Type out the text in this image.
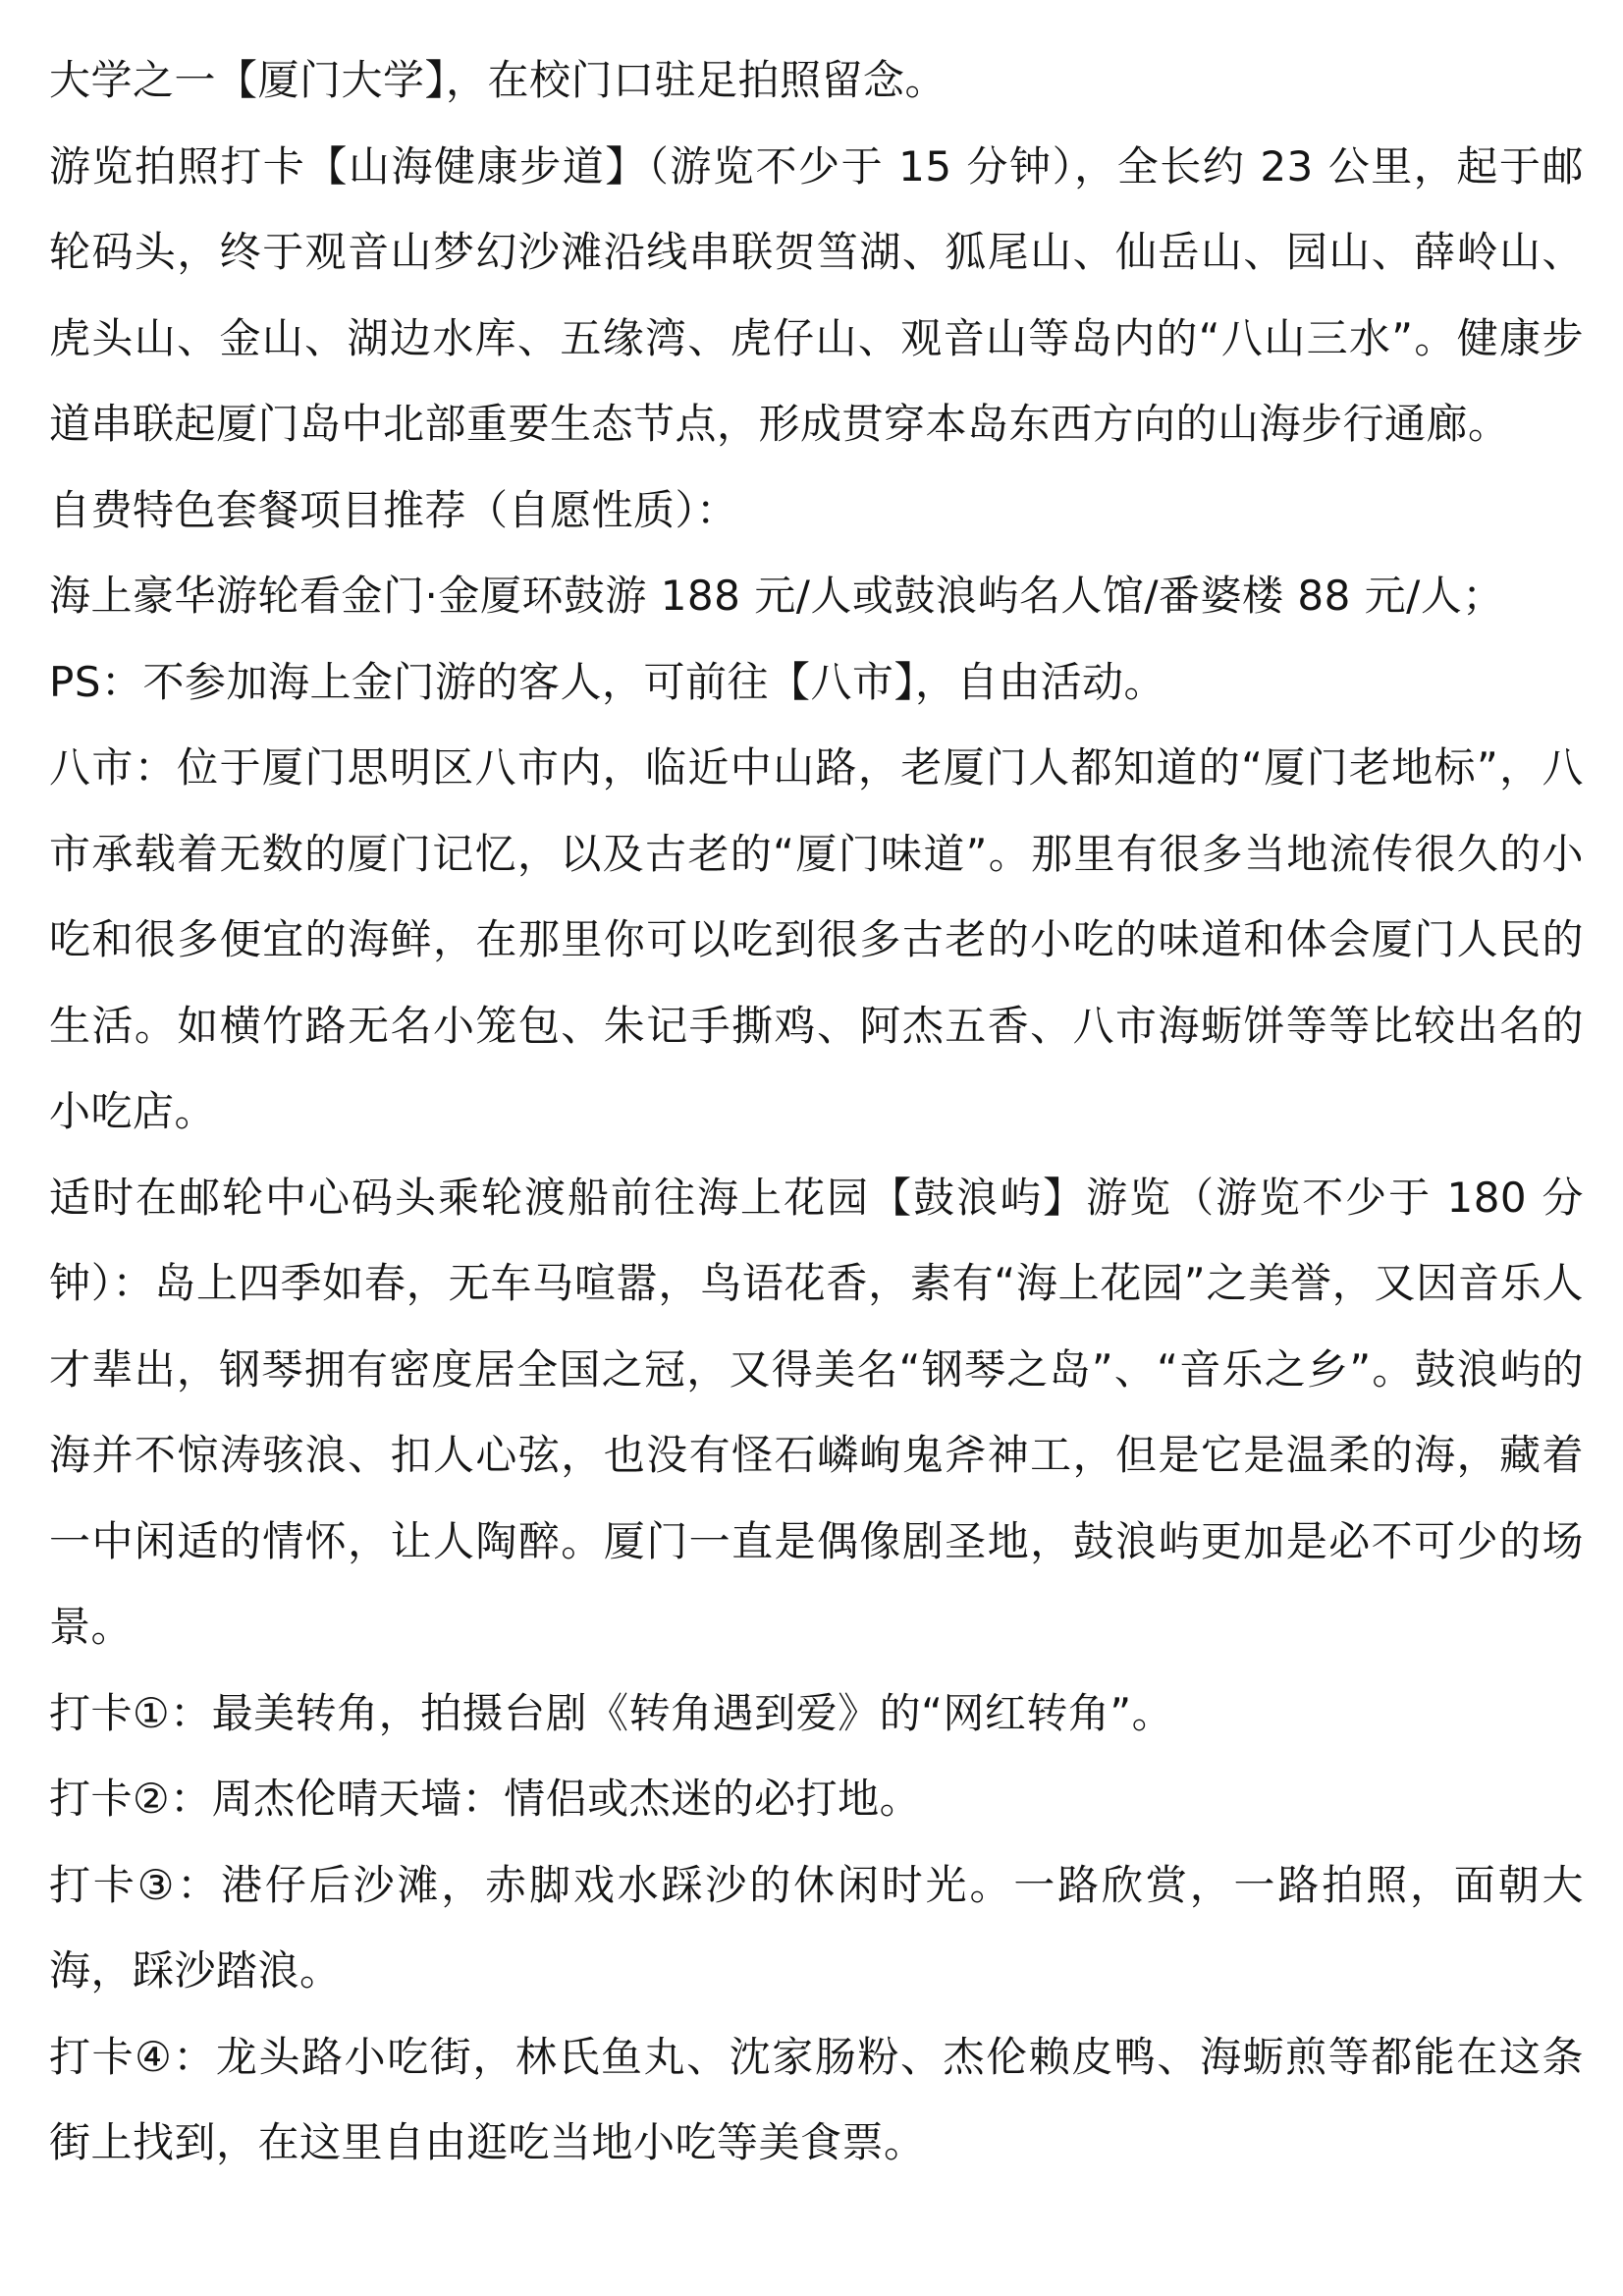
大学之一【厦门大学】，在校门口驻足拍照留念。

游览拍照打卡【山海健康步道】（游览不少于 15 分钟），全长约 23 公里，起于邮轮码头，终于观音山梦幻沙滩沿线串联贺筜湖、狐尾山、仙岳山、园山、薛岭山、虎头山、金山、湖边水库、五缘湾、虎仔山、观音山等岛内的“八山三水”。健康步道串联起厦门岛中北部重要生态节点，形成贯穿本岛东西方向的山海步行通廊。

自费特色套餐项目推荐（自愿性质）：

海上豪华游轮看金门·金厦环鼓游 188 元/人或鼓浪屿名人馆/番婆楼 88 元/人；

PS：不参加海上金门游的客人，可前往【八市】，自由活动。

八市：位于厦门思明区八市内，临近中山路，老厦门人都知道的“厦门老地标”，八市承载着无数的厦门记忆，以及古老的“厦门味道”。那里有很多当地流传很久的小吃和很多便宜的海鲜，在那里你可以吃到很多古老的小吃的味道和体会厦门人民的生活。如横竹路无名小笼包、朱记手撕鸡、阿杰五香、八市海蛎饼等等比较出名的小吃店。

适时在邮轮中心码头乘轮渡船前往海上花园【鼓浪屿】游览（游览不少于 180 分钟）：岛上四季如春，无车马喧嚣，鸟语花香，素有“海上花园”之美誉，又因音乐人才辈出，钢琴拥有密度居全国之冠，又得美名“钢琴之岛”、“音乐之乡”。鼓浪屿的海并不惊涛骇浪、扣人心弦，也没有怪石嶙峋鬼斧神工，但是它是温柔的海，藏着一中闲适的情怀，让人陶醉。厦门一直是偶像剧圣地，鼓浪屿更加是必不可少的场景。

打卡①：最美转角，拍摄台剧《转角遇到爱》的“网红转角”。

打卡②：周杰伦晴天墙：情侣或杰迷的必打地。

打卡③：港仔后沙滩，赤脚戏水踩沙的休闲时光。一路欣赏，一路拍照，面朝大海，踩沙踏浪。

打卡④：龙头路小吃街，林氏鱼丸、沈家肠粉、杰伦赖皮鸭、海蛎煎等都能在这条街上找到，在这里自由逛吃当地小吃等美食票。
